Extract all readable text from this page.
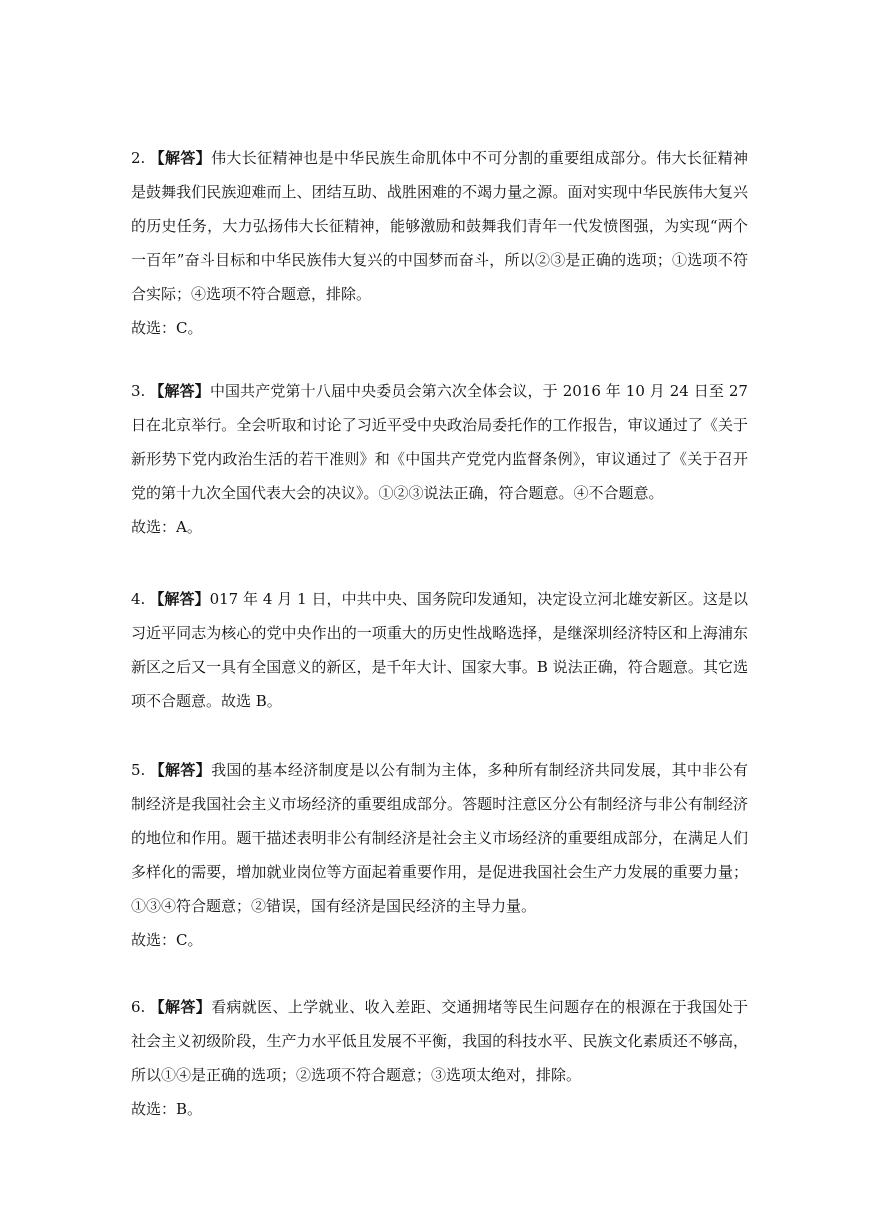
2. 【解答】伟大长征精神也是中华民族生命肌体中不可分割的重要组成部分。伟大长征精神是鼓舞我们民族迎难而上、团结互助、战胜困难的不竭力量之源。面对实现中华民族伟大复兴的历史任务，大力弘扬伟大长征精神，能够激励和鼓舞我们青年一代发愤图强，为实现“两个一百年”奋斗目标和中华民族伟大复兴的中国梦而奋斗，所以②③是正确的选项；①选项不符合实际；④选项不符合题意，排除。

故选：C。

3. 【解答】中国共产党第十八届中央委员会第六次全体会议，于 2016 年 10 月 24 日至 27 日在北京举行。全会听取和讨论了习近平受中央政治局委托作的工作报告，审议通过了《关于新形势下党内政治生活的若干准则》和《中国共产党党内监督条例》，审议通过了《关于召开党的第十九次全国代表大会的决议》。①②③说法正确，符合题意。④不合题意。

故选：A。

4. 【解答】017 年 4 月 1 日，中共中央、国务院印发通知，决定设立河北雄安新区。这是以习近平同志为核心的党中央作出的一项重大的历史性战略选择，是继深圳经济特区和上海浦东新区之后又一具有全国意义的新区，是千年大计、国家大事。B 说法正确，符合题意。其它选项不合题意。故选 B。

5. 【解答】我国的基本经济制度是以公有制为主体，多种所有制经济共同发展，其中非公有制经济是我国社会主义市场经济的重要组成部分。答题时注意区分公有制经济与非公有制经济的地位和作用。题干描述表明非公有制经济是社会主义市场经济的重要组成部分，在满足人们多样化的需要，增加就业岗位等方面起着重要作用，是促进我国社会生产力发展的重要力量；①③④符合题意；②错误，国有经济是国民经济的主导力量。

故选：C。

6. 【解答】看病就医、上学就业、收入差距、交通拥堵等民生问题存在的根源在于我国处于社会主义初级阶段，生产力水平低且发展不平衡，我国的科技水平、民族文化素质还不够高，所以①④是正确的选项；②选项不符合题意；③选项太绝对，排除。

故选：B。
